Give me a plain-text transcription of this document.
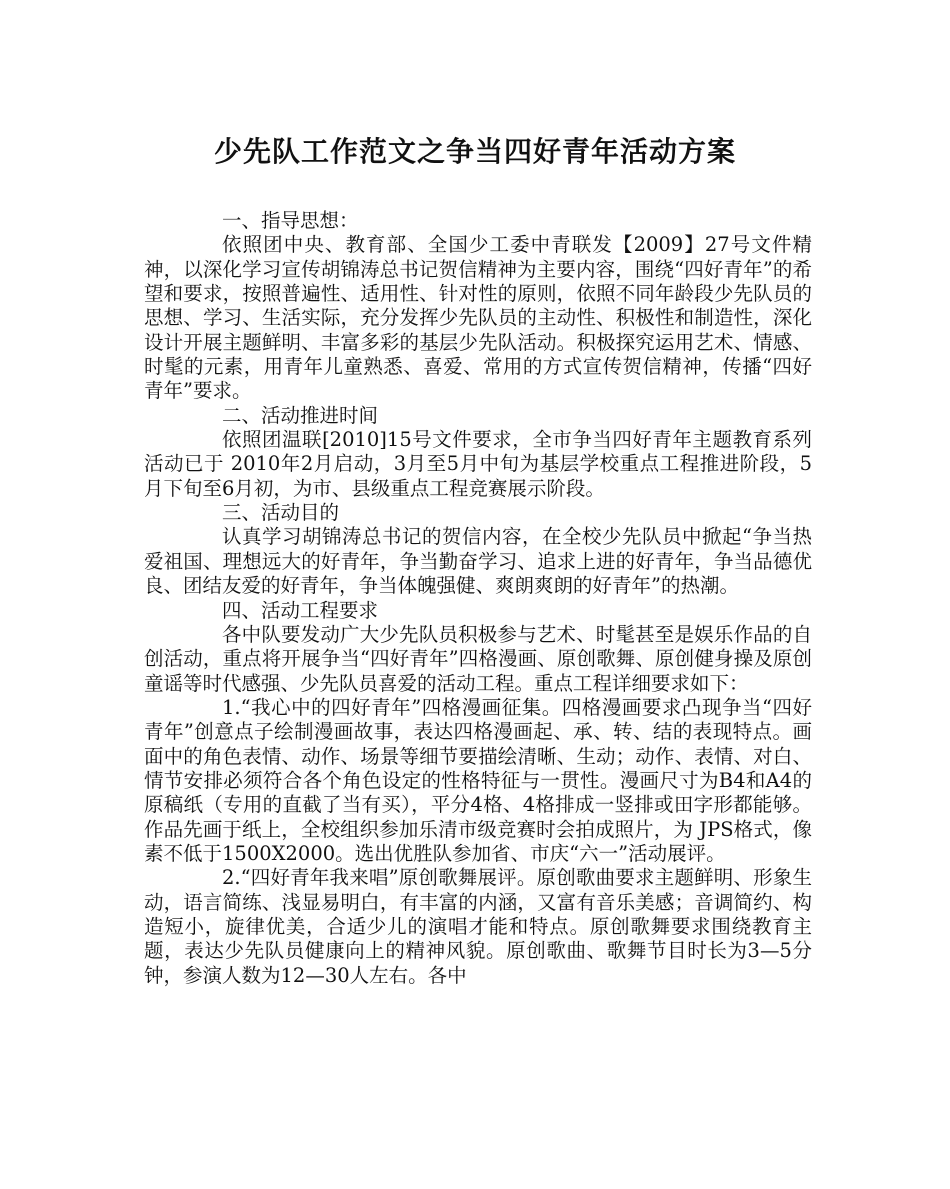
少先队工作范文之争当四好青年活动方案

一、指导思想：

依照团中央、教育部、全国少工委中青联发【2009】27号文件精神，以深化学习宣传胡锦涛总书记贺信精神为主要内容，围绕“四好青年”的希望和要求，按照普遍性、适用性、针对性的原则，依照不同年龄段少先队员的思想、学习、生活实际，充分发挥少先队员的主动性、积极性和制造性，深化设计开展主题鲜明、丰富多彩的基层少先队活动。积极探究运用艺术、情感、时髦的元素，用青年儿童熟悉、喜爱、常用的方式宣传贺信精神，传播“四好青年”要求。

二、活动推进时间

依照团温联[2010]15号文件要求，全市争当四好青年主题教育系列活动已于 2010年2月启动，3月至5月中旬为基层学校重点工程推进阶段，5月下旬至6月初，为市、县级重点工程竞赛展示阶段。

三、活动目的

认真学习胡锦涛总书记的贺信内容，在全校少先队员中掀起“争当热爱祖国、理想远大的好青年，争当勤奋学习、追求上进的好青年，争当品德优良、团结友爱的好青年，争当体魄强健、爽朗爽朗的好青年”的热潮。

四、活动工程要求

各中队要发动广大少先队员积极参与艺术、时髦甚至是娱乐作品的自创活动，重点将开展争当“四好青年”四格漫画、原创歌舞、原创健身操及原创童谣等时代感强、少先队员喜爱的活动工程。重点工程详细要求如下：

1.“我心中的四好青年”四格漫画征集。四格漫画要求凸现争当“四好青年”创意点子绘制漫画故事，表达四格漫画起、承、转、结的表现特点。画面中的角色表情、动作、场景等细节要描绘清晰、生动；动作、表情、对白、情节安排必须符合各个角色设定的性格特征与一贯性。漫画尺寸为B4和A4的原稿纸（专用的直截了当有买），平分4格、4格排成一竖排或田字形都能够。作品先画于纸上，全校组织参加乐清市级竞赛时会拍成照片，为 JPS格式，像素不低于1500X2000。选出优胜队参加省、市庆“六一”活动展评。

2.“四好青年我来唱”原创歌舞展评。原创歌曲要求主题鲜明、形象生动，语言简练、浅显易明白，有丰富的内涵，又富有音乐美感；音调简约、构造短小，旋律优美，合适少儿的演唱才能和特点。原创歌舞要求围绕教育主题，表达少先队员健康向上的精神风貌。原创歌曲、歌舞节目时长为3—5分钟，参演人数为12—30人左右。各中
